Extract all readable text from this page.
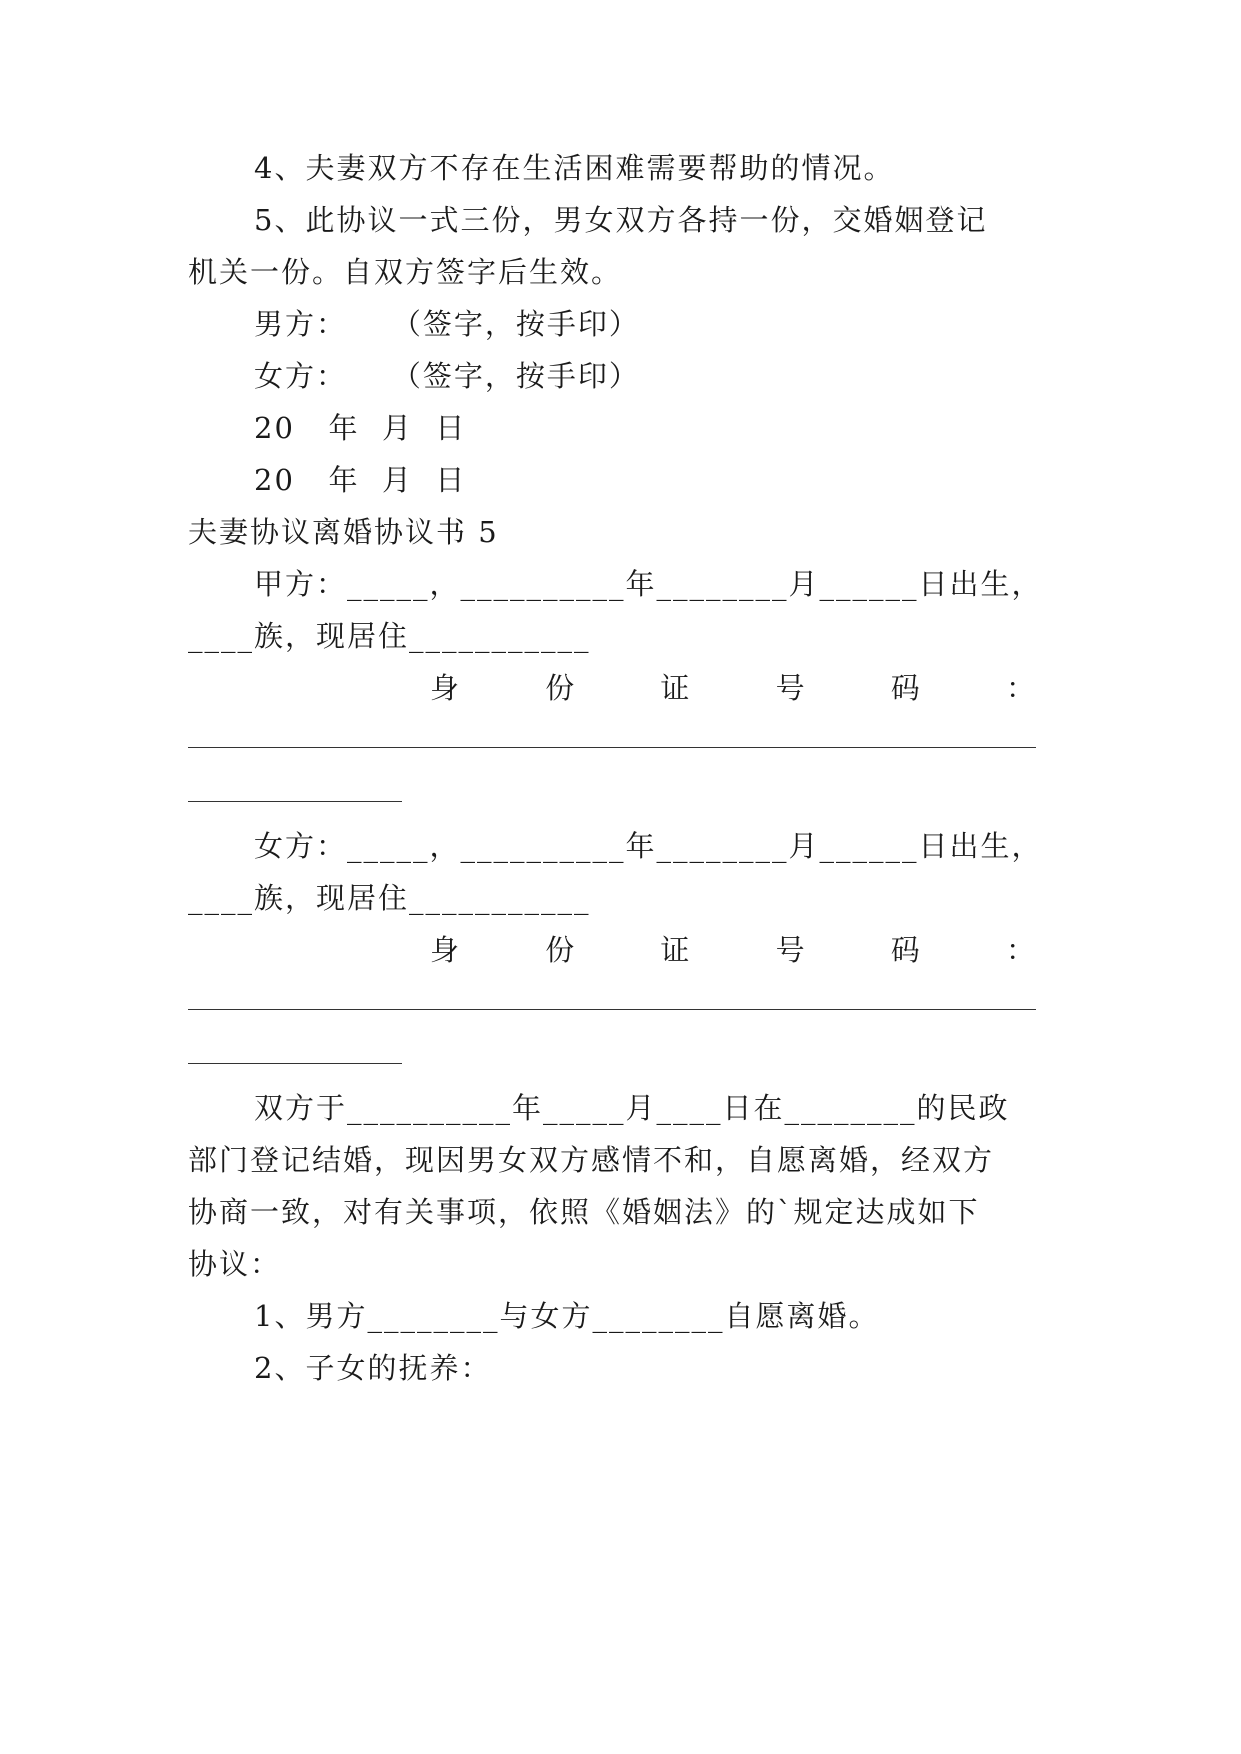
4、夫妻双方不存在生活困难需要帮助的情况。
5、此协议一式三份，男女双方各持一份，交婚姻登记
机关一份。自双方签字后生效。
男方：    （签字，按手印）
女方：    （签字，按手印）
20   年  月  日
20   年  月  日
夫妻协议离婚协议书 5
甲方：_____，__________年________月______日出生，
____族，现居住___________
身	份	证	号	码	：
女方：_____，__________年________月______日出生，
____族，现居住___________
身	份	证	号	码	：
双方于__________年_____月____日在________的民政
部门登记结婚，现因男女双方感情不和，自愿离婚，经双方
协商一致，对有关事项，依照《婚姻法》的`规定达成如下
协议：
1、男方________与女方________自愿离婚。
2、子女的抚养：
